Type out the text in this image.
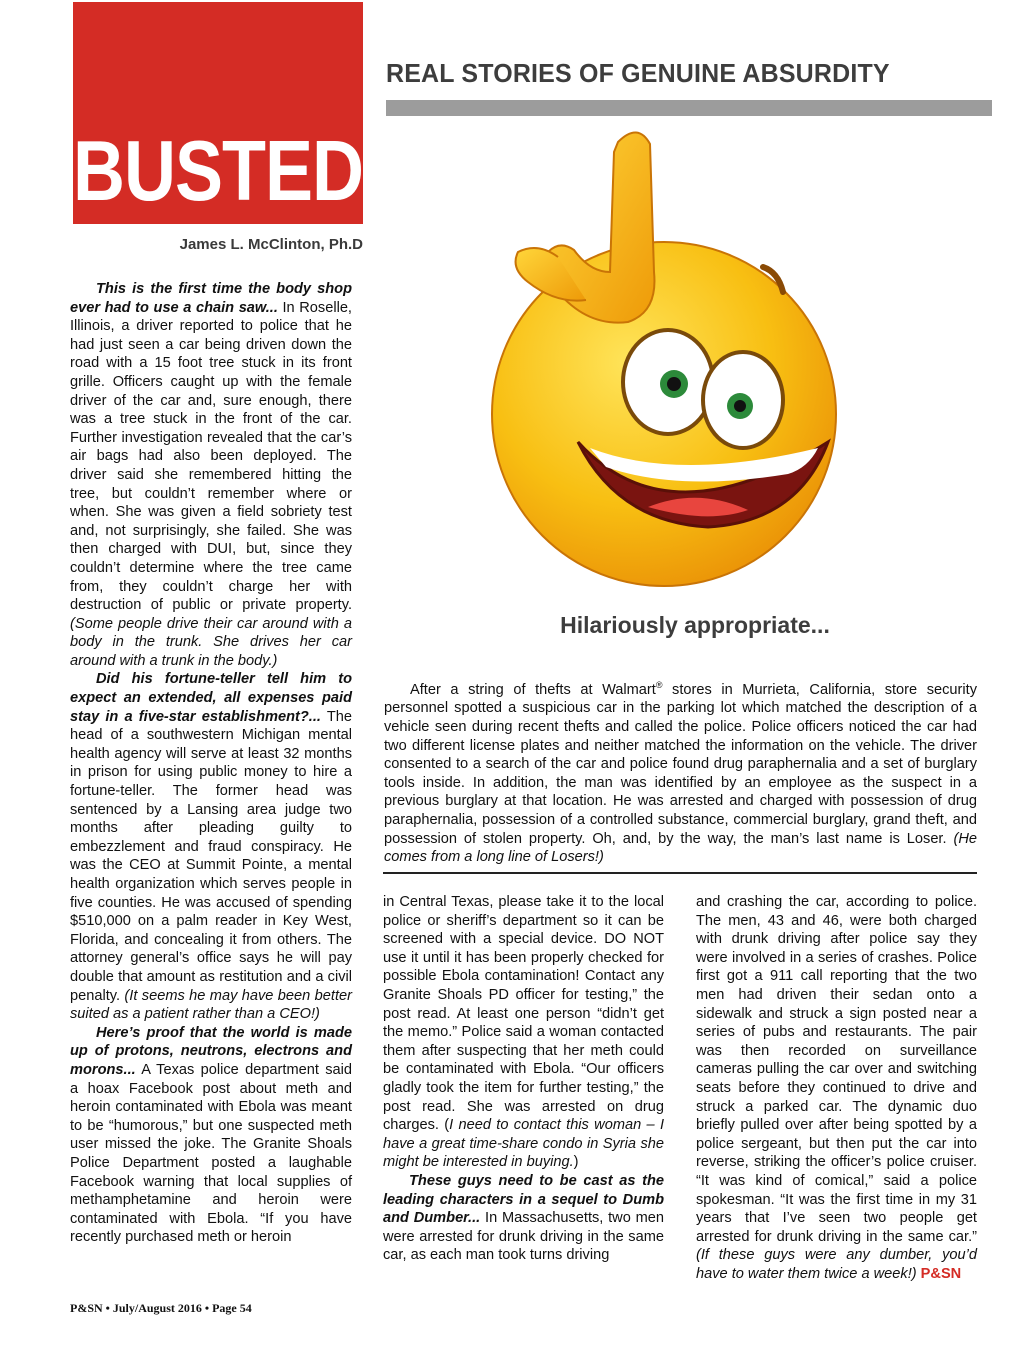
BUSTED!
James L. McClinton, Ph.D
REAL STORIES OF GENUINE ABSURDITY
Hilariously appropriate...

This is the first time the body shop ever had to use a chain saw... In Roselle, Illinois, a driver reported to police that he had just seen a car being driven down the road with a 15 foot tree stuck in its front grille. Officers caught up with the female driver of the car and, sure enough, there was a tree stuck in the front of the car. Further investigation revealed that the car’s air bags had also been deployed. The driver said she remembered hitting the tree, but couldn’t remember where or when. She was given a field sobriety test and, not surprisingly, she failed. She was then charged with DUI, but, since they couldn’t determine where the tree came from, they couldn’t charge her with destruction of public or private property. (Some people drive their car around with a body in the trunk. She drives her car around with a trunk in the body.)

Did his fortune-teller tell him to expect an extended, all expenses paid stay in a five-star establishment?... The head of a southwestern Michigan mental health agency will serve at least 32 months in prison for using public money to hire a fortune-teller. The former head was sentenced by a Lansing area judge two months after pleading guilty to embezzlement and fraud conspiracy. He was the CEO at Summit Pointe, a mental health organization which serves people in five counties. He was accused of spending $510,000 on a palm reader in Key West, Florida, and concealing it from others. The attorney general’s office says he will pay double that amount as restitution and a civil penalty. (It seems he may have been better suited as a patient rather than a CEO!)

Here’s proof that the world is made up of protons, neutrons, electrons and morons... A Texas police department said a hoax Facebook post about meth and heroin contaminated with Ebola was meant to be “humorous,” but one suspected meth user missed the joke. The Granite Shoals Police Department posted a laughable Facebook warning that local supplies of methamphetamine and heroin were contaminated with Ebola. “If you have recently purchased meth or heroin

After a string of thefts at Walmart® stores in Murrieta, California, store security personnel spotted a suspicious car in the parking lot which matched the description of a vehicle seen during recent thefts and called the police. Police officers noticed the car had two different license plates and neither matched the information on the vehicle. The driver consented to a search of the car and police found drug paraphernalia and a set of burglary tools inside. In addition, the man was identified by an employee as the suspect in a previous burglary at that location. He was arrested and charged with possession of drug paraphernalia, possession of a controlled substance, commercial burglary, grand theft, and possession of stolen property. Oh, and, by the way, the man’s last name is Loser. (He comes from a long line of Losers!)

in Central Texas, please take it to the local police or sheriff’s department so it can be screened with a special device. DO NOT use it until it has been properly checked for possible Ebola contamination! Contact any Granite Shoals PD officer for testing,” the post read. At least one person “didn’t get the memo.” Police said a woman contacted them after suspecting that her meth could be contaminated with Ebola. “Our officers gladly took the item for further testing,” the post read. She was arrested on drug charges. (I need to contact this woman – I have a great time-share condo in Syria she might be interested in buying.)

These guys need to be cast as the leading characters in a sequel to Dumb and Dumber... In Massachusetts, two men were arrested for drunk driving in the same car, as each man took turns driving

and crashing the car, according to police. The men, 43 and 46, were both charged with drunk driving after police say they were involved in a series of crashes. Police first got a 911 call reporting that the two men had driven their sedan onto a sidewalk and struck a sign posted near a series of pubs and restaurants. The pair was then recorded on surveillance cameras pulling the car over and switching seats before they continued to drive and struck a parked car. The dynamic duo briefly pulled over after being spotted by a police sergeant, but then put the car into reverse, striking the officer’s police cruiser. “It was kind of comical,” said a police spokesman. “It was the first time in my 31 years that I’ve seen two people get arrested for drunk driving in the same car.” (If these guys were any dumber, you’d have to water them twice a week!) P&SN

P&SN • July/August 2016 • Page 54
